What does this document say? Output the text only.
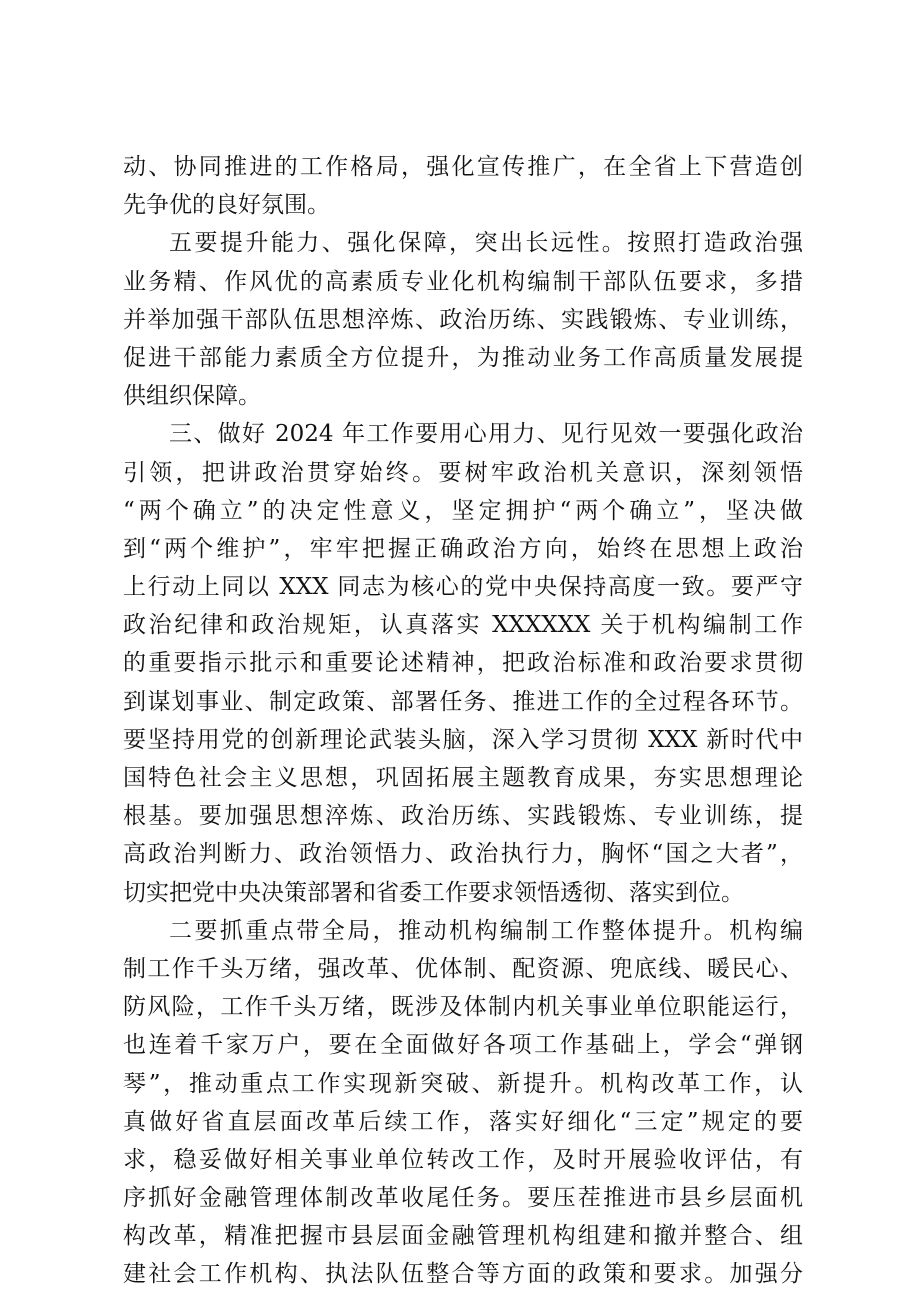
动、协同推进的工作格局，强化宣传推广，在全省上下营造创
先争优的良好氛围。
五要提升能力、强化保障，突出长远性。按照打造政治强
业务精、作风优的高素质专业化机构编制干部队伍要求，多措
并举加强干部队伍思想淬炼、政治历练、实践锻炼、专业训练，
促进干部能力素质全方位提升，为推动业务工作高质量发展提
供组织保障。
三、做好 2024 年工作要用心用力、见行见效一要强化政治
引领，把讲政治贯穿始终。要树牢政治机关意识，深刻领悟
“两个确立”的决定性意义，坚定拥护“两个确立”，坚决做
到“两个维护”，牢牢把握正确政治方向，始终在思想上政治
上行动上同以 XXX 同志为核心的党中央保持高度一致。要严守
政治纪律和政治规矩，认真落实 XXXXXX 关于机构编制工作
的重要指示批示和重要论述精神，把政治标准和政治要求贯彻
到谋划事业、制定政策、部署任务、推进工作的全过程各环节。
要坚持用党的创新理论武装头脑，深入学习贯彻 XXX 新时代中
国特色社会主义思想，巩固拓展主题教育成果，夯实思想理论
根基。要加强思想淬炼、政治历练、实践锻炼、专业训练，提
高政治判断力、政治领悟力、政治执行力，胸怀“国之大者”，
切实把党中央决策部署和省委工作要求领悟透彻、落实到位。
二要抓重点带全局，推动机构编制工作整体提升。机构编
制工作千头万绪，强改革、优体制、配资源、兜底线、暖民心、
防风险，工作千头万绪，既涉及体制内机关事业单位职能运行，
也连着千家万户，要在全面做好各项工作基础上，学会“弹钢
琴”，推动重点工作实现新突破、新提升。机构改革工作，认
真做好省直层面改革后续工作，落实好细化“三定”规定的要
求，稳妥做好相关事业单位转改工作，及时开展验收评估，有
序抓好金融管理体制改革收尾任务。要压茬推进市县乡层面机
构改革，精准把握市县层面金融管理机构组建和撤并整合、组
建社会工作机构、执法队伍整合等方面的政策和要求。加强分
